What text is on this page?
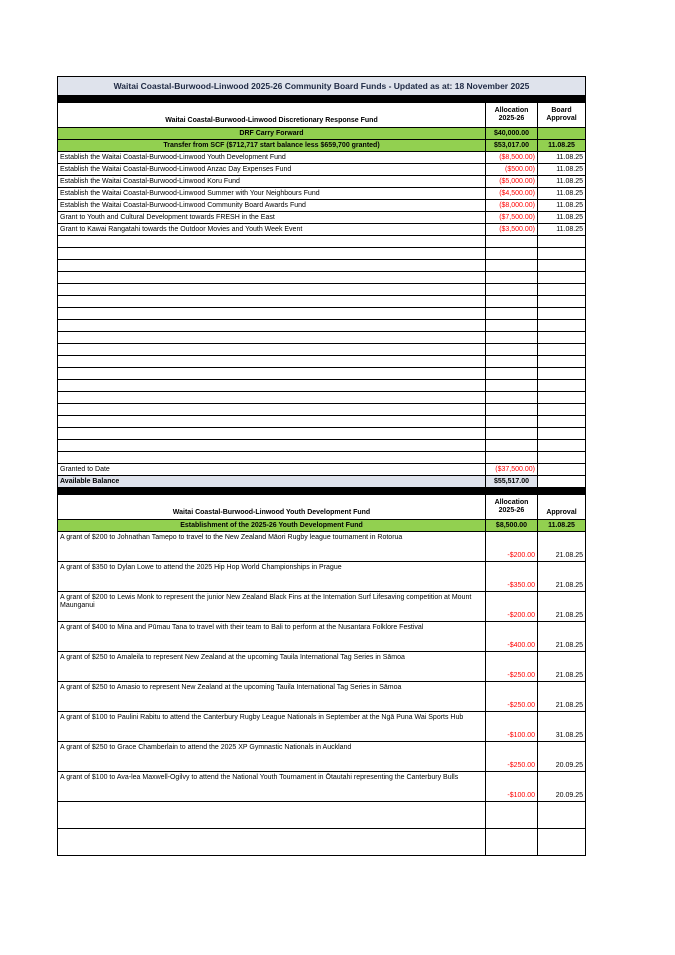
Waitai Coastal-Burwood-Linwood 2025-26 Community Board Funds - Updated as at: 18 November 2025		

Waitai Coastal-Burwood-Linwood Discretionary Response Fund	Allocation 2025-26	Board Approval
DRF Carry Forward	$40,000.00	
Transfer from SCF ($712,717 start balance less $659,700 granted)	$53,017.00	11.08.25
Establish the Waitai Coastal-Burwood-Linwood Youth Development Fund	($8,500.00)	11.08.25
Establish the Waitai Coastal-Burwood-Linwood Anzac Day Expenses Fund	($500.00)	11.08.25
Establish the Waitai Coastal-Burwood-Linwood Koru Fund	($5,000.00)	11.08.25
Establish the Waitai Coastal-Burwood-Linwood Summer with Your Neighbours Fund	($4,500.00)	11.08.25
Establish the Waitai Coastal-Burwood-Linwood Community Board Awards Fund	($8,000.00)	11.08.25
Grant to Youth and Cultural Development towards FRESH in the East	($7,500.00)	11.08.25
Grant to Kawai Rangatahi towards the Outdoor Movies and Youth Week Event	($3,500.00)	11.08.25

Granted to Date	($37,500.00)	
Available Balance	$55,517.00	

Waitai Coastal-Burwood-Linwood Youth Development Fund	Allocation 2025-26	Approval
Establishment of the 2025-26 Youth Development Fund	$8,500.00	11.08.25
A grant of $200 to Johnathan Tamepo to travel to the New Zealand Māori Rugby league tournament in Rotorua	-$200.00	21.08.25
A grant of $350 to Dylan Lowe to attend the 2025 Hip Hop World Championships in Prague	-$350.00	21.08.25
A grant of $200 to Lewis Monk to represent the junior New Zealand Black Fins at the Internation Surf Lifesaving competition at Mount Maunganui	-$200.00	21.08.25
A grant of $400 to Mina and Pūmau Tana to travel with their team to Bali to perform at the Nusantara Folklore Festival	-$400.00	21.08.25
A grant of $250 to Amaleila to represent New Zealand at the upcoming Tauila International Tag Series in Sāmoa	-$250.00	21.08.25
A grant of $250 to Amasio to represent New Zealand at the upcoming Tauila International Tag Series in Sāmoa	-$250.00	21.08.25
A grant of $100 to Paulini Rabitu to attend the Canterbury Rugby League Nationals in September at the Ngā Puna Wai Sports Hub	-$100.00	31.08.25
A grant of $250 to Grace Chamberlain to attend the 2025 XP Gymnastic Nationals in Auckland	-$250.00	20.09.25
A grant of $100 to Ava-lea Maxwell-Ogilvy to attend the National Youth Tournament in Ōtautahi representing the Canterbury Bulls	-$100.00	20.09.25
